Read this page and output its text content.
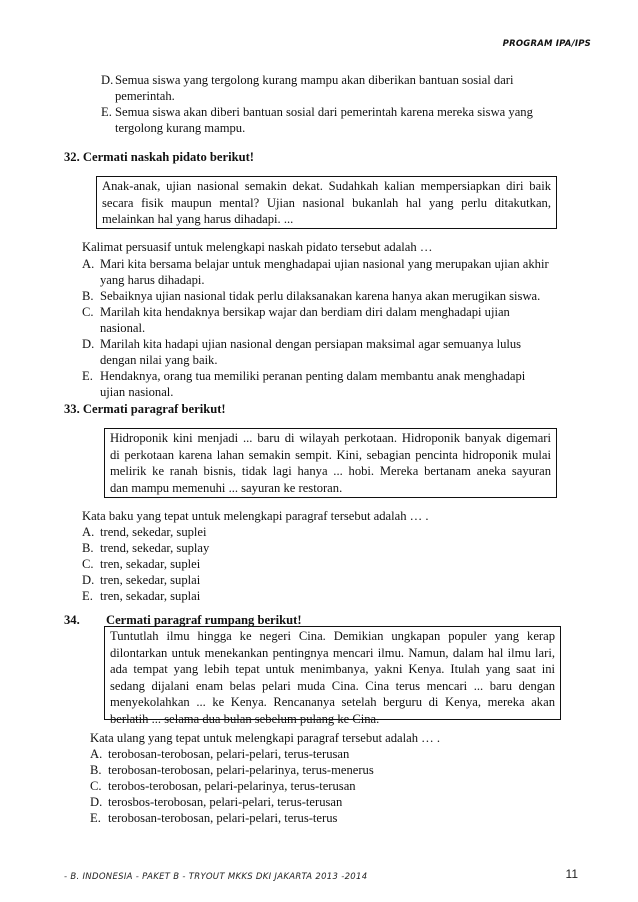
PROGRAM IPA/IPS
D. Semua siswa yang tergolong kurang mampu akan diberikan bantuan sosial dari
pemerintah.
E. Semua siswa akan diberi bantuan sosial dari pemerintah karena mereka siswa yang
tergolong kurang mampu.
32. Cermati naskah pidato berikut!
Anak-anak, ujian nasional semakin dekat. Sudahkah kalian mempersiapkan diri baik
secara fisik maupun mental? Ujian nasional bukanlah hal yang perlu ditakutkan,
melainkan hal yang harus dihadapi. ...
Kalimat persuasif untuk melengkapi naskah pidato tersebut adalah …
A. Mari kita bersama belajar untuk menghadapai ujian nasional yang merupakan ujian akhir
yang harus dihadapi.
B. Sebaiknya ujian nasional tidak perlu dilaksanakan karena hanya akan merugikan siswa.
C. Marilah kita hendaknya bersikap wajar dan berdiam diri dalam menghadapi ujian
nasional.
D. Marilah kita hadapi ujian nasional dengan persiapan maksimal agar semuanya lulus
dengan nilai yang baik.
E. Hendaknya, orang tua memiliki peranan penting dalam membantu anak menghadapi
ujian nasional.
33. Cermati paragraf berikut!
Hidroponik kini menjadi ... baru di wilayah perkotaan. Hidroponik banyak digemari
di perkotaan karena lahan semakin sempit. Kini, sebagian pencinta hidroponik mulai
melirik ke ranah bisnis, tidak lagi hanya ... hobi. Mereka bertanam aneka sayuran
dan mampu memenuhi ... sayuran ke restoran.
Kata baku yang tepat untuk melengkapi paragraf tersebut adalah … .
A. trend, sekedar, suplei
B. trend, sekedar, suplay
C. tren, sekadar, suplei
D. tren, sekedar, suplai
E. tren, sekadar, suplai
34. Cermati paragraf rumpang berikut!
Tuntutlah ilmu hingga ke negeri Cina. Demikian ungkapan populer yang kerap
dilontarkan untuk menekankan pentingnya mencari ilmu. Namun, dalam hal ilmu lari,
ada tempat yang lebih tepat untuk menimbanya, yakni Kenya. Itulah yang saat ini
sedang dijalani enam belas pelari muda Cina. Cina terus mencari ... baru dengan
menyekolahkan ... ke Kenya. Rencananya setelah berguru di Kenya, mereka akan
berlatih ... selama dua bulan sebelum pulang ke Cina.
Kata ulang yang tepat untuk melengkapi paragraf tersebut adalah … .
A. terobosan-terobosan, pelari-pelari, terus-terusan
B. terobosan-terobosan, pelari-pelarinya, terus-menerus
C. terobos-terobosan, pelari-pelarinya, terus-terusan
D. terosbos-terobosan, pelari-pelari, terus-terusan
E. terobosan-terobosan, pelari-pelari, terus-terus
- B. INDONESIA - PAKET B - TRYOUT MKKS DKI JAKARTA 2013 -2014	11
